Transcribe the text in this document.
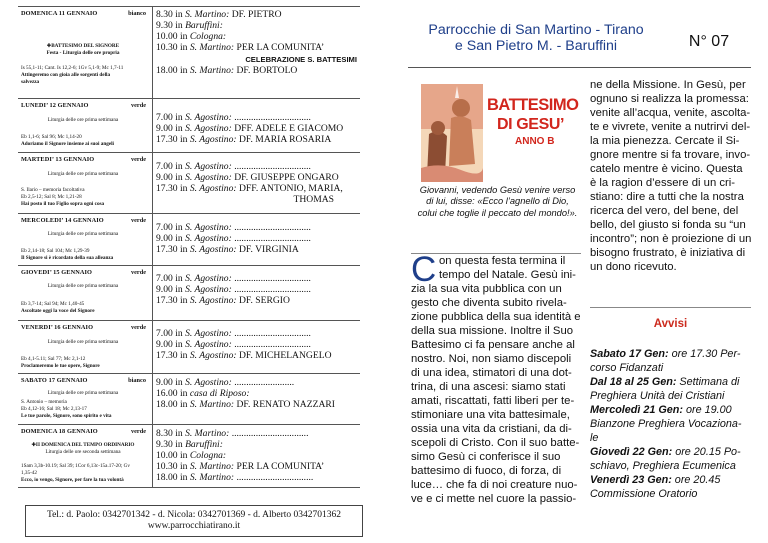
DOMENICA 11 GENNAIO	bianco
✚BATTESIMO DEL SIGNORE
Festa - Liturgia delle ore propria
Is 55,1-11; Cant. Is 12,2-6; 1Gv 5,1-9; Mc 1,7-11
Attingeremo con gioia alle sorgenti della
salvezza
8.30 in S. Martino: DF. PIETRO
9.30 in Baruffini:
10.00 in Cologna:
10.30 in S. Martino: PER LA COMUNITA’
CELEBRAZIONE S. BATTESIMI
18.00 in S. Martino: DF. BORTOLO
LUNEDI’ 12 GENNAIO	verde
Liturgia delle ore prima settimana
Eb 1,1-6; Sal 96; Mc 1,14-20
Adoriamo il Signore insieme ai suoi angeli
7.00 in S. Agostino: ................................
9.00 in S. Agostino: DFF. ADELE E GIACOMO
17.30 in S. Agostino: DF. MARIA ROSARIA
MARTEDI’ 13 GENNAIO	verde
Liturgia delle ore prima settimana
S. Ilario – memoria facoltativa
Eb 2,5-12; Sal 8; Mc 1,21-28
Hai posto il tuo Figlio sopra ogni cosa
7.00 in S. Agostino: ................................
9.00 in S. Agostino: DF. GIUSEPPE ONGARO
17.30 in S. Agostino: DFF. ANTONIO, MARIA,
THOMAS
MERCOLEDI’ 14 GENNAIO	verde
Liturgia delle ore prima settimana
Eb 2,14-18; Sal 104; Mc 1,29-39
Il Signore si è ricordato della sua alleanza
7.00 in S. Agostino: ................................
9.00 in S. Agostino: ................................
17.30 in S. Agostino: DF. VIRGINIA
GIOVEDI’ 15 GENNAIO	verde
Liturgia delle ore prima settimana
Eb 3,7-14; Sal 94; Mc 1,40-45
Ascoltate oggi la voce del Signore
7.00 in S. Agostino: ................................
9.00 in S. Agostino: ................................
17.30 in S. Agostino: DF. SERGIO
VENERDI’ 16 GENNAIO	verde
Liturgia delle ore prima settimana
Eb 4,1-5.11; Sal 77; Mc 2,1-12
Proclameremo le tue opere, Signore
7.00 in S. Agostino: ................................
9.00 in S. Agostino: ................................
17.30 in S. Agostino: DF. MICHELANGELO
SABATO 17 GENNAIO	bianco
Liturgia delle ore prima settimana
S. Antonio – memoria
Eb 4,12-16; Sal 18; Mc 2,13-17
Le tue parole, Signore, sono spirito e vita
9.00 in S. Agostino: .........................
16.00 in casa di Riposo:
18.00 in S. Martino: DF. RENATO NAZZARI
DOMENICA 18 GENNAIO	verde
✚II DOMENICA DEL TEMPO ORDINARIO
Liturgia delle ore seconda settimana
1Sam 3,3b-10.19; Sal 39; 1Cor 6,13c-15a.17-20; Gv
1,35-42
Ecco, io vengo, Signore, per fare la tua volontà
8.30 in S. Martino: ................................
9.30 in Baruffini:
10.00 in Cologna:
10.30 in S. Martino: PER LA COMUNITA’
18.00 in S. Martino: ................................
Tel.: d. Paolo: 0342701342 - d. Nicola: 0342701369 - d. Alberto 0342701362
www.parrocchiatirano.it
Parrocchie di San Martino - Tirano
e San Pietro M. - Baruffini	N° 07
BATTESIMO
DI GESU’
ANNO B
Giovanni, vedendo Gesù venire verso
di lui, disse: «Ecco l’agnello di Dio,
colui che toglie il peccato del mondo!».
C on questa festa termina il
tempo del Natale. Gesù ini-
zia la sua vita pubblica con un
gesto che diventa subito rivela-
zione pubblica della sua identità e
della sua missione. Inoltre il Suo
Battesimo ci fa pensare anche al
nostro. Noi, non siamo discepoli
di una idea, stimatori di una dot-
trina, di una ascesi: siamo stati
amati, riscattati, fatti liberi per te-
stimoniare una vita battesimale,
ossia una vita da cristiani, da di-
scepoli di Cristo. Con il suo batte-
simo Gesù ci conferisce il suo
battesimo di fuoco, di forza, di
luce… che fa di noi creature nuo-
ve e ci mette nel cuore la passio-
ne della Missione. In Gesù, per
ognuno si realizza la promessa:
venite all’acqua, venite, ascolta-
te e vivrete, venite a nutrirvi del-
la mia pienezza. Cercate il Si-
gnore mentre si fa trovare, invo-
catelo mentre è vicino. Questa
è la ragion d’essere di un cri-
stiano: dire a tutti che la nostra
ricerca del vero, del bene, del
bello, del giusto si fonda su “un
incontro”; non è proiezione di un
bisogno frustrato, è iniziativa di
un dono ricevuto.
Avvisi
Sabato 17 Gen: ore 17.30 Per-
corso Fidanzati
Dal 18 al 25 Gen: Settimana di
Preghiera Unità dei Cristiani
Mercoledì 21 Gen: ore 19.00
Bianzone Preghiera Vocaziona-
le
Giovedì 22 Gen: ore 20.15 Po-
schiavo, Preghiera Ecumenica
Venerdì 23 Gen: ore 20.45
Commissione Oratorio
